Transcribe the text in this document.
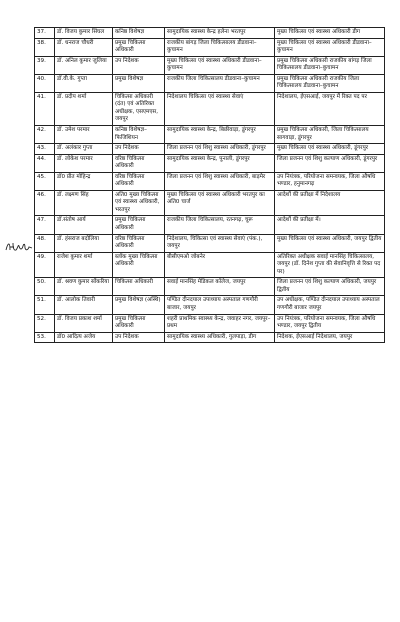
37.	डॉ. विजय कुमार सिंघल	कनिष्ठ विशेषज्ञ	सामुदायिक स्वास्थ्य केन्द्र हलेना भरतपुर	मुख्य चिकित्सा एवं स्वास्थ्य अधिकारी डीग
38.	डॉ. धनराज चौधरी	प्रमुख चिकित्सा अधिकारी	राजकीय बांगड़ जिला चिकित्सालय डीडवाना–कुचामन	मुख्य चिकित्सा एवं स्वास्थ्य अधिकारी डीडवाना–कुचामन
39.	डॉ. अनिल कुमार जुलिया	उप निदेशक	मुख्य चिकित्सा एवं स्वास्थ्य अधिकारी डीडवाना–कुचामन	प्रमुख चिकित्सा अधिकारी राजकीय बांगड़ जिला चिकित्सालय डीडवाना–कुचामन
40.	डॉ.वी.के. गुप्ता	प्रमुख विशेषज्ञ	राजकीय जिला चिकित्सालय डीडवाना–कुचामन	प्रमुख चिकित्सा अधिकारी राजकीय जिला चिकित्सालय डीडवाना–कुचामन
41.	डॉ. प्रदीप शर्मा	चिकित्सा अधिकारी (दंत) एवं अतिरिक्त अधीक्षक, एसएमएस, जयपुर	निदेशालय चिकित्सा एवं स्वास्थ्य सेवाएं	निदेशालय, ईएसआई, जयपुर में रिक्त पद पर
42.	डॉ. उमेश परमार	कनिष्ठ विशेषज्ञ–फिजिशियन	सामुदायिक स्वास्थ्य केन्द्र, बिछीवाड़ा, डूंगरपुर	प्रमुख चिकित्सा अधिकारी, जिला चिकित्सालय सागवाड़ा, डूंगरपुर
43.	डॉ. अलंकार गुप्ता	उप निदेशक	जिला प्रजनन एवं शिशु स्वास्थ्य अधिकारी, डूंगरपुर	मुख्य चिकित्सा एवं स्वास्थ्य अधिकारी, डूंगरपुर
44.	डॉ. लोकेश परमार	वरिष्ठ चिकित्सा अधिकारी	सामुदायिक स्वास्थ्य केन्द्र, पुनाली, डूंगरपुर	जिला प्रजनन एवं शिशु कल्याण अधिकारी, डूंगरपुर
45.	डॉ0 प्रीत मोहिन्द्र	वरिष्ठ चिकित्सा अधिकारी	जिला प्रजनन एवं शिशु स्वास्थ्य अधिकारी, बाड़मेर	उप नियंत्रक, परियोजना समन्वयक, जिला औषधि भण्डार, हनुमानगढ़
46.	डॉ. लक्ष्मण सिंह	अति0 मुख्य चिकित्सा एवं स्वास्थ्य अधिकारी, भरतपुर	मुख्य चिकित्सा एवं स्वास्थ्य अधिकारी भरतपुर का अति0 चार्ज	आदेशों की प्रतीक्षा में निदेशालय
47.	डॉ.संतोष आर्य	प्रमुख चिकित्सा अधिकारी	राजकीय जिला चिकित्सालय, रतनगढ़, चूरू	आदेशों की प्रतीक्षा में।
48.	डॉ. हंसराज बदोलिया	वरिष्ठ चिकित्सा अधिकारी	निदेशालय, चिकित्सा एवं स्वास्थ्य सेवाएं (पंक.), जयपुर	मुख्य चिकित्सा एवं स्वास्थ्य अधिकारी, जयपुर द्वितीय
49.	राजेश कुमार शर्मा	ब्लॉक मुख्य चिकित्सा अधिकारी	बीसीएमओ जोबनेर	अतिरिक्त अधीक्षक सवाई मानसिंह चिकित्सालय, जयपुर (डॉ. दिनेश गुप्ता की सेवानिवृत्ति से रिक्त पद पर)
50.	डॉ. श्रवण कुमार सोंकरिया	चिकित्सा अधिकारी	सवाई मानसिंह मेडिकल कॉलेज, जयपुर	जिला प्रजनन एवं शिशु कल्याण अधिकारी, जयपुर द्वितीय
51.	डॉ. आलोक तिवारी	प्रमुख विशेषज्ञ (अस्थि)	पण्डित दीनदयाल उपाध्याय अस्पताल गणगौरी बाजार, जयपुर	उप अधीक्षक, पण्डित दीनदयाल उपाध्याय अस्पताल गणगौरी बाजार जयपुर
52.	डॉ. विजय प्रकाश शर्मा	प्रमुख चिकित्सा अधिकारी	शहरी प्राथमिक स्वास्थ्य केन्द्र, जवाहर नगर, जयपुर–प्रथम	उप नियंत्रक, परियोजना समन्वयक, जिला औषधि भण्डार, जयपुर द्वितीय
53.	डॉ0 आदित्य अजेय	उप निदेशक	सामुदायिक स्वास्थ्य अधिकारी, गुलपाड़ा, डीग	निदेशक, ईएसआई निदेशालय, जयपुर
